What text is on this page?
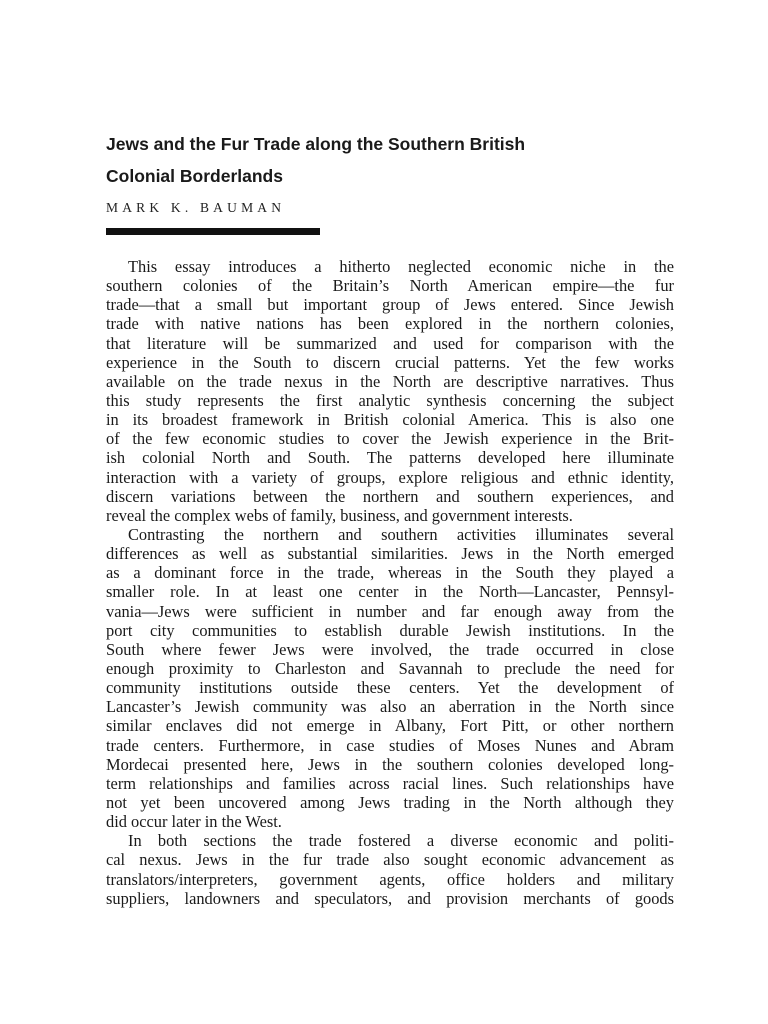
Jews and the Fur Trade along the Southern British
Colonial Borderlands
MARK K. BAUMAN
This essay introduces a hitherto neglected economic niche in the
southern colonies of the Britain’s North American empire—the fur
trade—that a small but important group of Jews entered. Since Jewish
trade with native nations has been explored in the northern colonies,
that literature will be summarized and used for comparison with the
experience in the South to discern crucial patterns. Yet the few works
available on the trade nexus in the North are descriptive narratives. Thus
this study represents the first analytic synthesis concerning the subject
in its broadest framework in British colonial America. This is also one
of the few economic studies to cover the Jewish experience in the Brit-
ish colonial North and South. The patterns developed here illuminate
interaction with a variety of groups, explore religious and ethnic identity,
discern variations between the northern and southern experiences, and
reveal the complex webs of family, business, and government interests.
Contrasting the northern and southern activities illuminates several
differences as well as substantial similarities. Jews in the North emerged
as a dominant force in the trade, whereas in the South they played a
smaller role. In at least one center in the North—Lancaster, Pennsyl-
vania—Jews were sufficient in number and far enough away from the
port city communities to establish durable Jewish institutions. In the
South where fewer Jews were involved, the trade occurred in close
enough proximity to Charleston and Savannah to preclude the need for
community institutions outside these centers. Yet the development of
Lancaster’s Jewish community was also an aberration in the North since
similar enclaves did not emerge in Albany, Fort Pitt, or other northern
trade centers. Furthermore, in case studies of Moses Nunes and Abram
Mordecai presented here, Jews in the southern colonies developed long-
term relationships and families across racial lines. Such relationships have
not yet been uncovered among Jews trading in the North although they
did occur later in the West.
In both sections the trade fostered a diverse economic and politi-
cal nexus. Jews in the fur trade also sought economic advancement as
translators/interpreters, government agents, office holders and military
suppliers, landowners and speculators, and provision merchants of goods
